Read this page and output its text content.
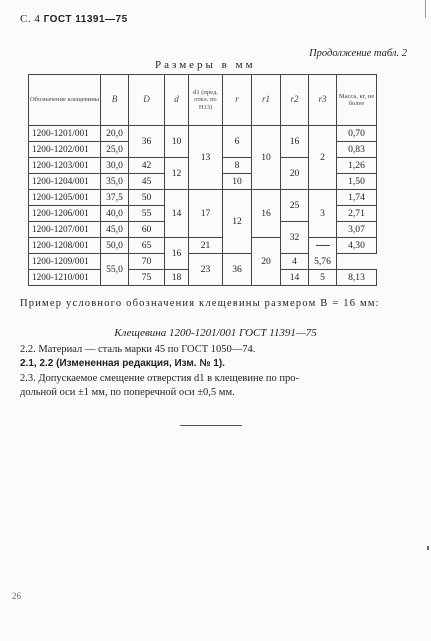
С. 4 ГОСТ 11391—75
Продолжение табл. 2
Размеры в мм
Обозначение клещевины	B	D	d	d1 (пред. откл. по H13)	r	r1	r2	r3	Масса, кг, не более
1200-1201/001	20,0	36	10	13	6	10	16	2	0,70
1200-1202/001	25,0								0,83
1200-1203/001	30,0	42	12		8		20		1,26
1200-1204/001	35,0	45			10				1,50
1200-1205/001	37,5	50	14	17	12	16	25	3	1,74
1200-1206/001	40,0	55							2,71
1200-1207/001	45,0	60					32		3,07
1200-1208/001	50,0	65	16	21		20			4,30
1200-1209/001	55,0	70		23	36		4	5,76	
1200-1210/001		75	18				14	5	8,13
Пример условного обозначения клещевины размером B = 16 мм:
Клещевина 1200-1201/001 ГОСТ 11391—75
2.2. Материал — сталь марки 45 по ГОСТ 1050—74.
2.1, 2.2 (Измененная редакция, Изм. № 1).
2.3. Допускаемое смещение отверстия d1 в клещевине по про-
дольной оси ±1 мм, по поперечной оси ±0,5 мм.
26
